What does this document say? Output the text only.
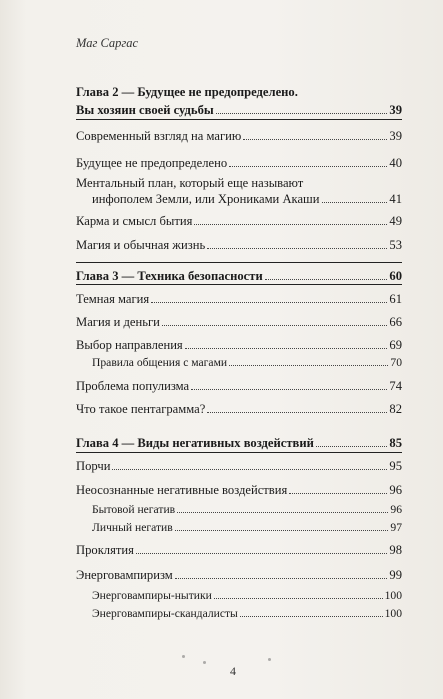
Маг Саргас
Глава 2 — Будущее не предопределено.
Вы хозяин своей судьбы	39
Современный взгляд на магию	39
Будущее не предопределено	40
Ментальный план, который еще называют
инфополем Земли, или Хрониками Акаши	41
Карма и смысл бытия	49
Магия и обычная жизнь	53
Глава 3 — Техника безопасности	60
Темная магия	61
Магия и деньги	66
Выбор направления	69
Правила общения с магами	70
Проблема популизма	74
Что такое пентаграмма?	82
Глава 4 — Виды негативных воздействий	85
Порчи	95
Неосознанные негативные воздействия	96
Бытовой негатив	96
Личный негатив	97
Проклятия	98
Энерговампиризм	99
Энерговампиры-нытики	100
Энерговампиры-скандалисты	100
4
